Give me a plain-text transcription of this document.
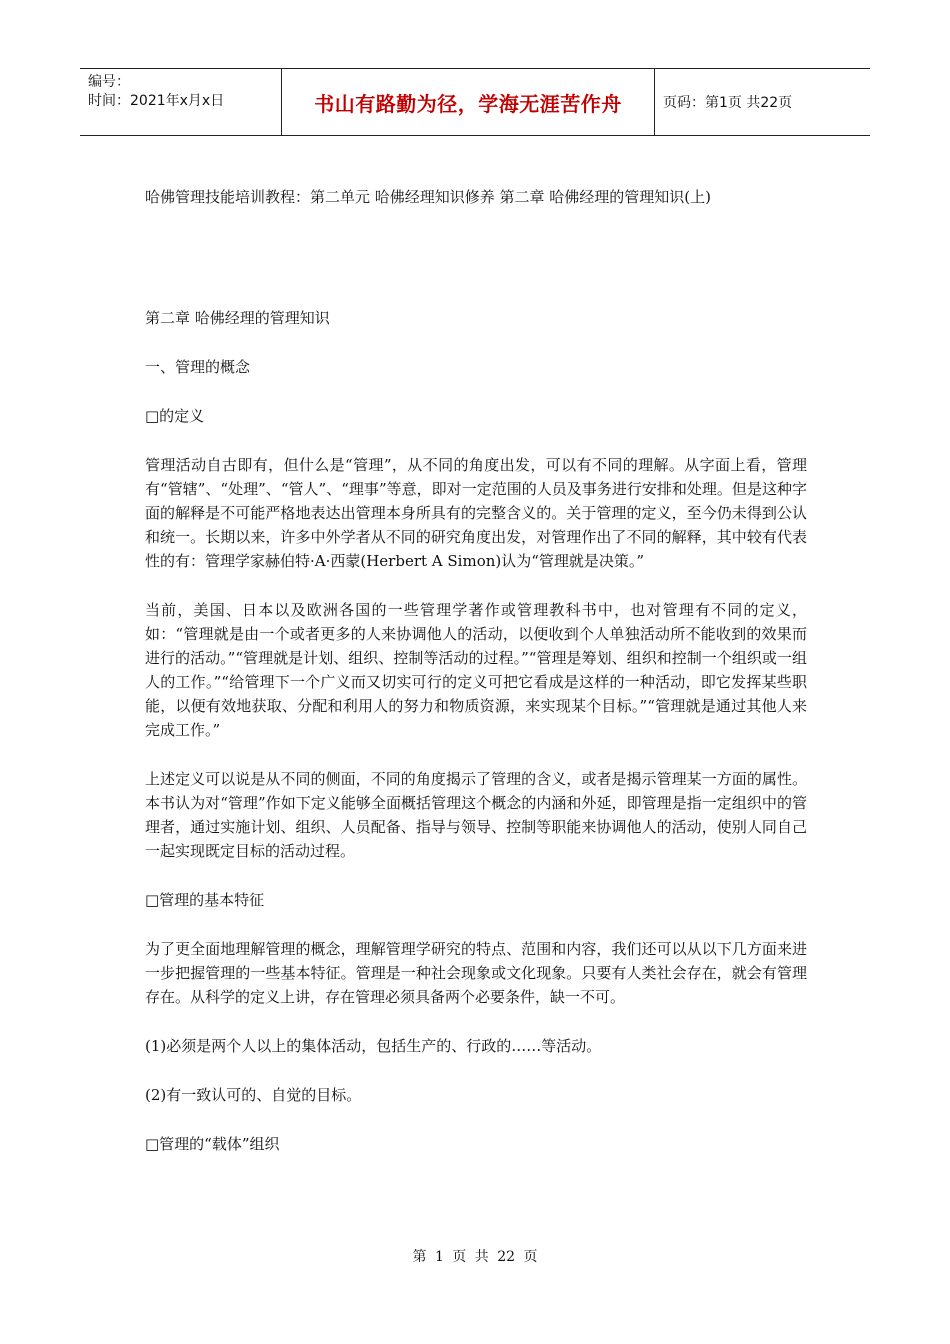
编号：
时间：2021年x月x日	书山有路勤为径，学海无涯苦作舟	页码：第1页 共22页
哈佛管理技能培训教程：第二单元 哈佛经理知识修养 第二章 哈佛经理的管理知识(上)

第二章 哈佛经理的管理知识

一、管理的概念

□的定义

管理活动自古即有，但什么是“管理”，从不同的角度出发，可以有不同的理解。从字面上看，管理有“管辖”、“处理”、“管人”、“理事”等意，即对一定范围的人员及事务进行安排和处理。但是这种字面的解释是不可能严格地表达出管理本身所具有的完整含义的。关于管理的定义，至今仍未得到公认和统一。长期以来，许多中外学者从不同的研究角度出发，对管理作出了不同的解释，其中较有代表性的有：管理学家赫伯特·A·西蒙(Herbert A Simon)认为“管理就是决策。”

当前，美国、日本以及欧洲各国的一些管理学著作或管理教科书中，也对管理有不同的定义，如：“管理就是由一个或者更多的人来协调他人的活动，以便收到个人单独活动所不能收到的效果而进行的活动。”“管理就是计划、组织、控制等活动的过程。”“管理是筹划、组织和控制一个组织或一组人的工作。”“给管理下一个广义而又切实可行的定义可把它看成是这样的一种活动，即它发挥某些职能，以便有效地获取、分配和利用人的努力和物质资源，来实现某个目标。”“管理就是通过其他人来完成工作。”

上述定义可以说是从不同的侧面，不同的角度揭示了管理的含义，或者是揭示管理某一方面的属性。本书认为对“管理”作如下定义能够全面概括管理这个概念的内涵和外延，即管理是指一定组织中的管理者，通过实施计划、组织、人员配备、指导与领导、控制等职能来协调他人的活动，使别人同自己一起实现既定目标的活动过程。

□管理的基本特征

为了更全面地理解管理的概念，理解管理学研究的特点、范围和内容，我们还可以从以下几方面来进一步把握管理的一些基本特征。管理是一种社会现象或文化现象。只要有人类社会存在，就会有管理存在。从科学的定义上讲，存在管理必须具备两个必要条件，缺一不可。

(1)必须是两个人以上的集体活动，包括生产的、行政的……等活动。

(2)有一致认可的、自觉的目标。

□管理的“载体”组织

第 1 页 共 22 页
